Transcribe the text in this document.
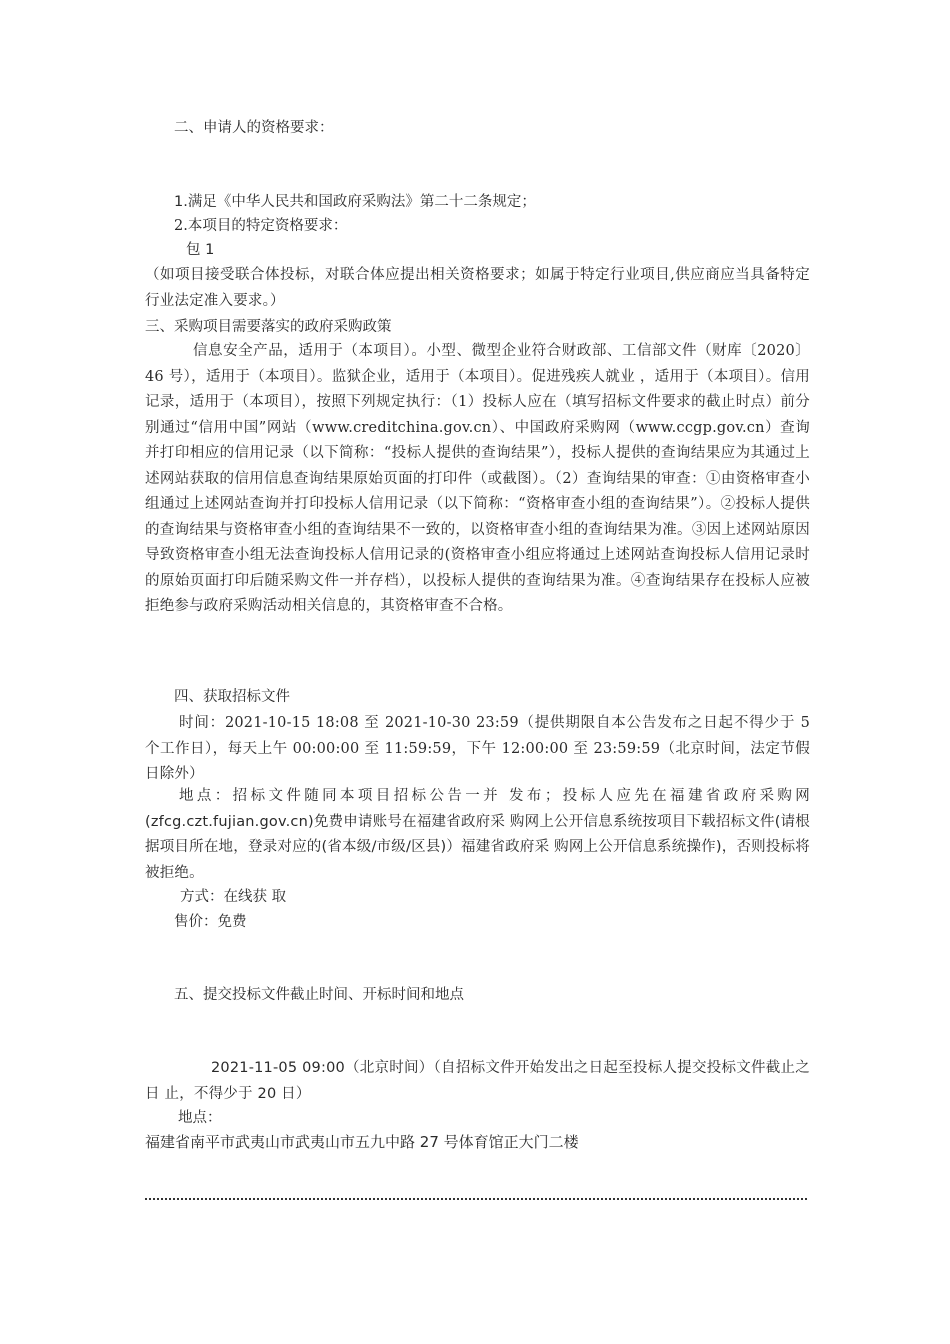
二、申请人的资格要求：
1.满足《中华人民共和国政府采购法》第二十二条规定；
2.本项目的特定资格要求：
包 1
（如项目接受联合体投标，对联合体应提出相关资格要求；如属于特定行业项目,供应商应当具备特定行业法定准入要求。）
三、采购项目需要落实的政府采购政策
信息安全产品，适用于（本项目）。小型、微型企业符合财政部、工信部文件（财库〔2020〕46 号），适用于（本项目）。监狱企业，适用于（本项目）。促进残疾人就业 ，适用于（本项目）。信用记录，适用于（本项目），按照下列规定执行：（1）投标人应在（填写招标文件要求的截止时点）前分别通过“信用中国”网站（www.creditchina.gov.cn）、中国政府采购网（www.ccgp.gov.cn）查询并打印相应的信用记录（以下简称：“投标人提供的查询结果”），投标人提供的查询结果应为其通过上述网站获取的信用信息查询结果原始页面的打印件（或截图）。（2）查询结果的审查：①由资格审查小组通过上述网站查询并打印投标人信用记录（以下简称：“资格审查小组的查询结果”）。②投标人提供的查询结果与资格审查小组的查询结果不一致的，以资格审查小组的查询结果为准。③因上述网站原因导致资格审查小组无法查询投标人信用记录的(资格审查小组应将通过上述网站查询投标人信用记录时的原始页面打印后随采购文件一并存档），以投标人提供的查询结果为准。④查询结果存在投标人应被拒绝参与政府采购活动相关信息的，其资格审查不合格。
四、获取招标文件
时间：2021-10-15 18:08 至 2021-10-30 23:59（提供期限自本公告发布之日起不得少于 5 个工作日），每天上午 00:00:00 至 11:59:59，下午 12:00:00 至 23:59:59（北京时间，法定节假日除外）
地点：招标文件随同本项目招标公告一并 发布；投标人应先在福建省政府采购网(zfcg.czt.fujian.gov.cn)免费申请账号在福建省政府采 购网上公开信息系统按项目下载招标文件(请根据项目所在地，登录对应的(省本级/市级/区县)）福建省政府采 购网上公开信息系统操作)，否则投标将被拒绝。
方式：在线获 取
售价：免费
五、提交投标文件截止时间、开标时间和地点
2021-11-05 09:00（北京时间）（自招标文件开始发出之日起至投标人提交投标文件截止之日 止，不得少于 20 日）
地点：
福建省南平市武夷山市武夷山市五九中路 27 号体育馆正大门二楼
